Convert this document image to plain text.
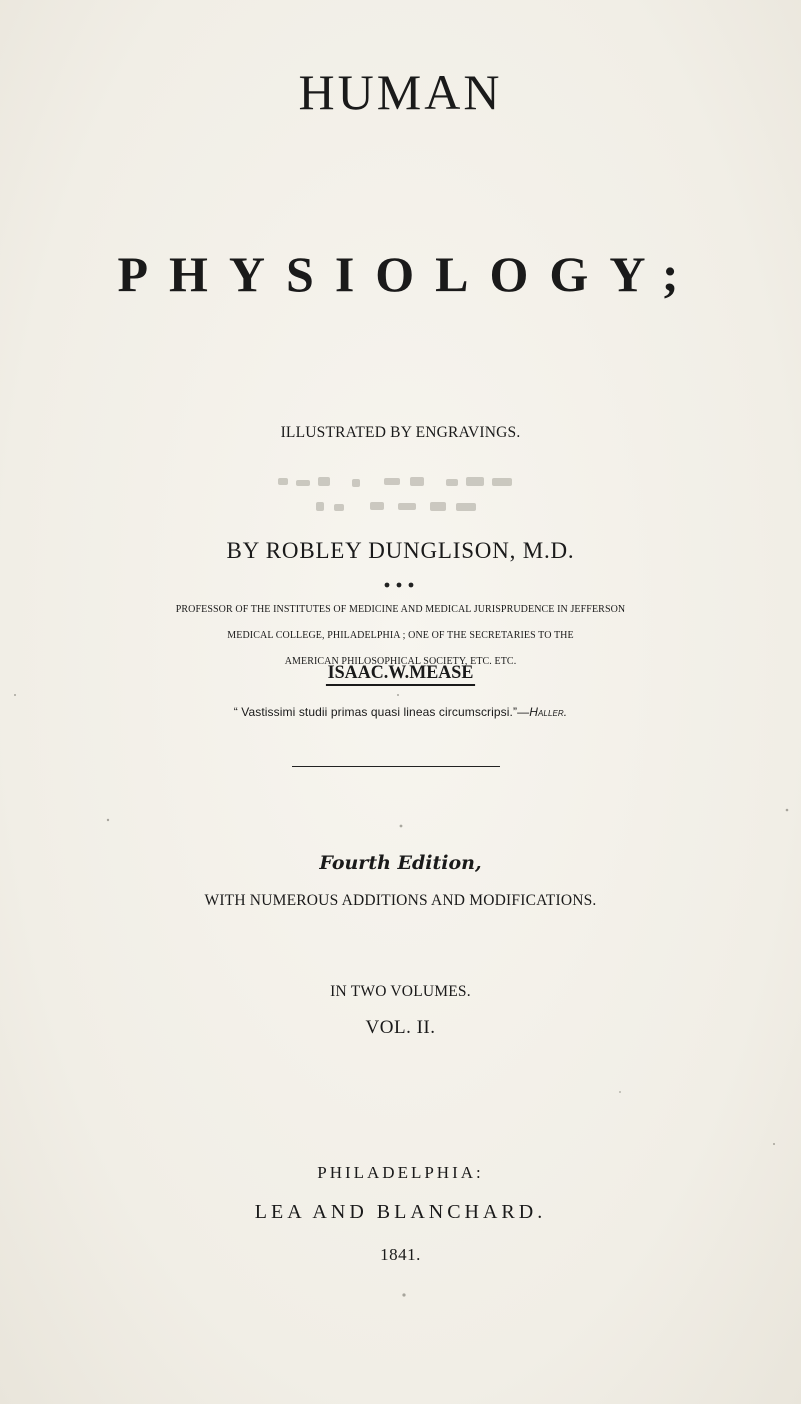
HUMAN
PHYSIOLOGY;
ILLUSTRATED BY ENGRAVINGS.
BY ROBLEY DUNGLISON, M.D.
PROFESSOR OF THE INSTITUTES OF MEDICINE AND MEDICAL JURISPRUDENCE IN JEFFERSON
MEDICAL COLLEGE, PHILADELPHIA ; ONE OF THE SECRETARIES TO THE
AMERICAN PHILOSOPHICAL SOCIETY, ETC. ETC.
ISAAC.W.MEASE
“ Vastissimi studii primas quasi lineas circumscripsi.”—Haller.
Fourth Edition,
WITH NUMEROUS ADDITIONS AND MODIFICATIONS.
IN TWO VOLUMES.
VOL. II.
PHILADELPHIA:
LEA AND BLANCHARD.
1841.
